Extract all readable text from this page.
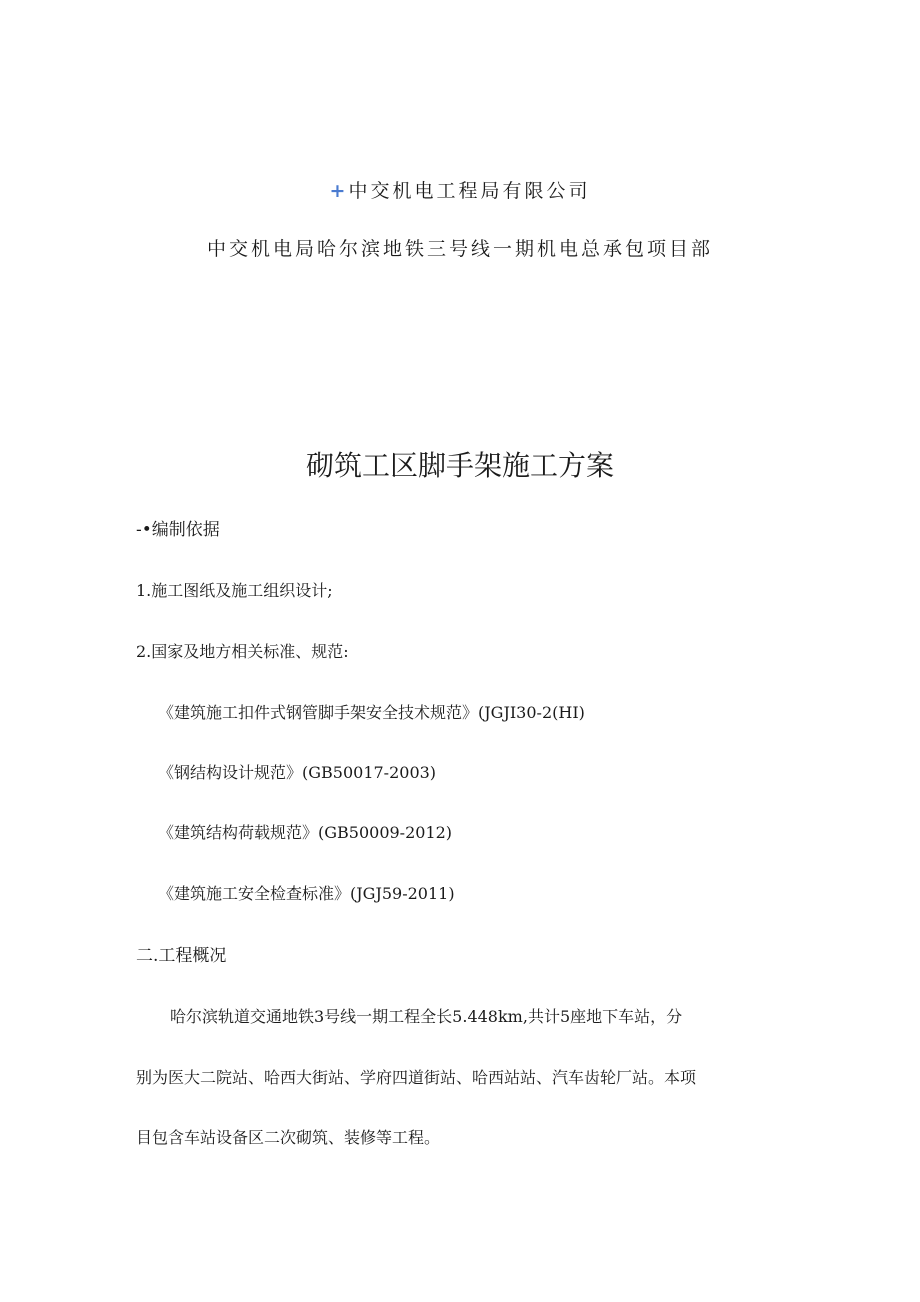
+中交机电工程局有限公司
中交机电局哈尔滨地铁三号线一期机电总承包项目部
砌筑工区脚手架施工方案
-•编制依据
1.施工图纸及施工组织设计;
2.国家及地方相关标准、规范:
《建筑施工扣件式钢管脚手架安全技术规范》(JGJI30-2(HI)
《钢结构设计规范》(GB50017-2003)
《建筑结构荷载规范》(GB50009-2012)
《建筑施工安全检查标准》(JGJ59-2011)
二.工程概况
哈尔滨轨道交通地铁3号线一期工程全长5.448km,共计5座地下车站，分
别为医大二院站、哈西大街站、学府四道街站、哈西站站、汽车齿轮厂站。本项
目包含车站设备区二次砌筑、装修等工程。
